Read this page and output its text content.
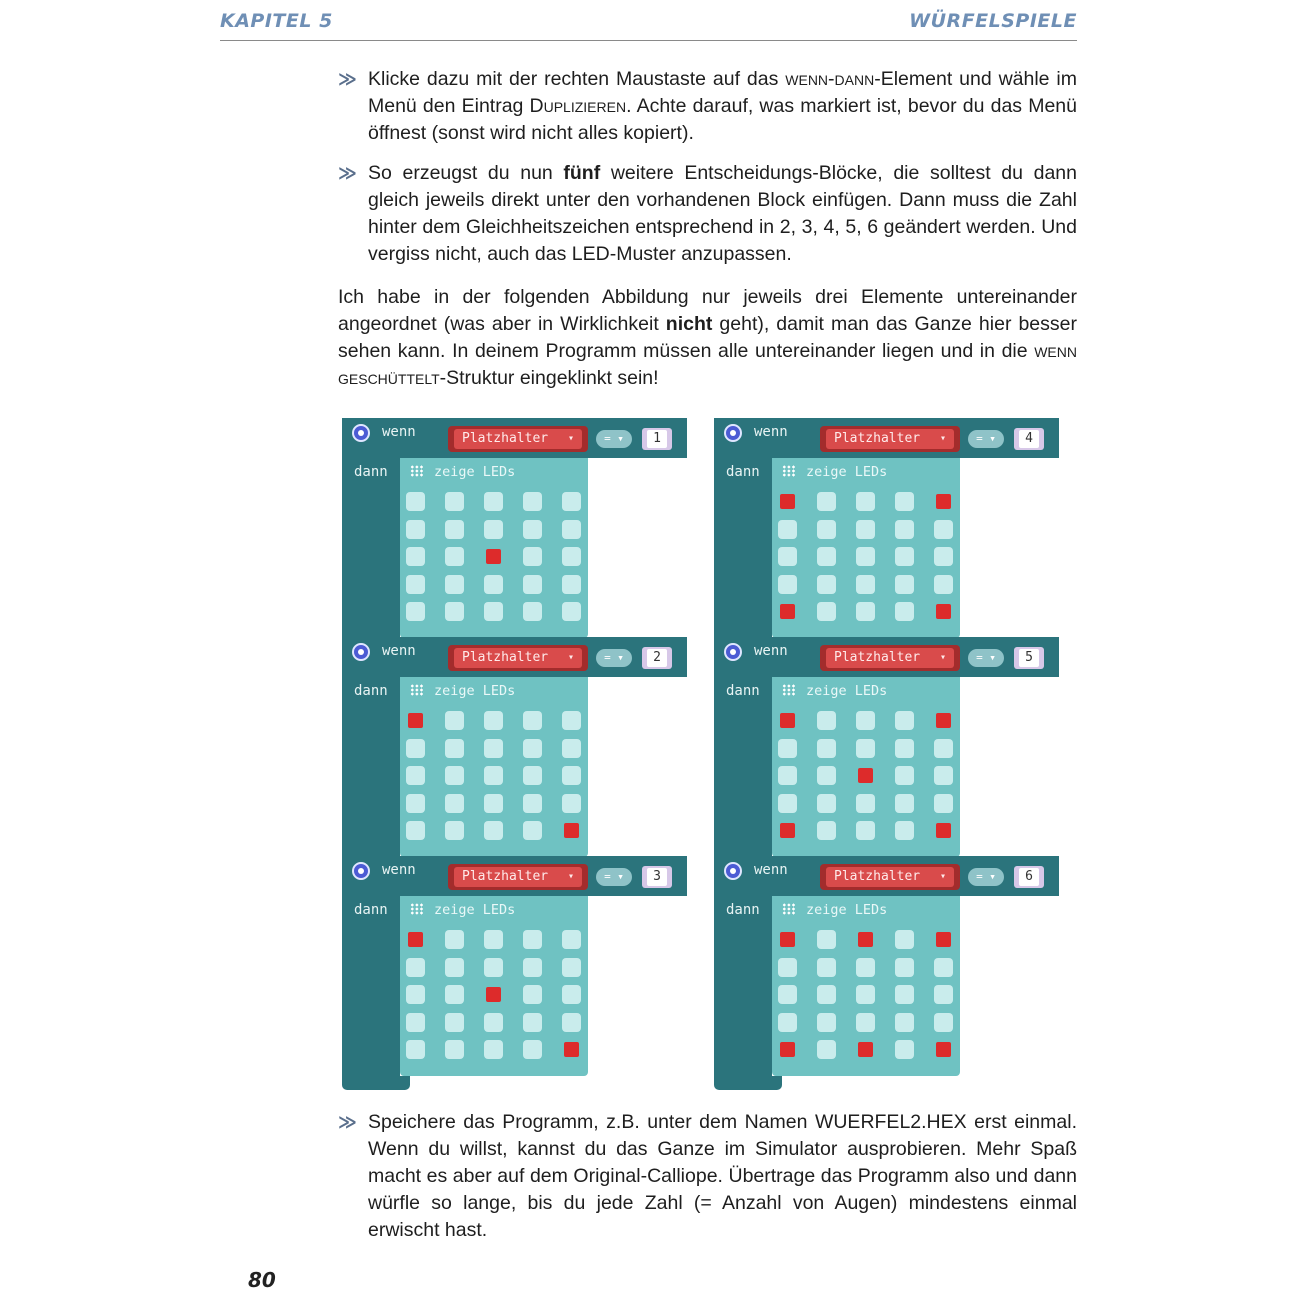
KAPITEL 5	WÜRFELSPIELE

≫ Klicke dazu mit der rechten Maustaste auf das wenn-dann-Element und wähle im Menü den Eintrag Duplizieren. Achte darauf, was markiert ist, bevor du das Menü öffnest (sonst wird nicht alles kopiert).

≫ So erzeugst du nun fünf weitere Entscheidungs-Blöcke, die solltest du dann gleich jeweils direkt unter den vorhandenen Block einfügen. Dann muss die Zahl hinter dem Gleichheitszeichen entsprechend in 2, 3, 4, 5, 6 geändert werden. Und vergiss nicht, auch das LED-Muster anzupassen.

Ich habe in der folgenden Abbildung nur jeweils drei Elemente untereinander angeordnet (was aber in Wirklichkeit nicht geht), damit man das Ganze hier besser sehen kann. In deinem Programm müssen alle untereinander liegen und in die wenn geschüttelt-Struktur eingeklinkt sein!

wenn
dann
Platzhalter ▾	= ▾	1
zeige LEDs
wenn
dann
Platzhalter ▾	= ▾	2
zeige LEDs
wenn
dann
Platzhalter ▾	= ▾	3
zeige LEDs
wenn
dann
Platzhalter ▾	= ▾	4
zeige LEDs
wenn
dann
Platzhalter ▾	= ▾	5
zeige LEDs
wenn
dann
Platzhalter ▾	= ▾	6
zeige LEDs

≫ Speichere das Programm, z.B. unter dem Namen WUERFEL2.HEX erst einmal. Wenn du willst, kannst du das Ganze im Simulator ausprobieren. Mehr Spaß macht es aber auf dem Original-Calliope. Übertrage das Programm also und dann würfle so lange, bis du jede Zahl (= Anzahl von Augen) mindestens einmal erwischt hast.

80
